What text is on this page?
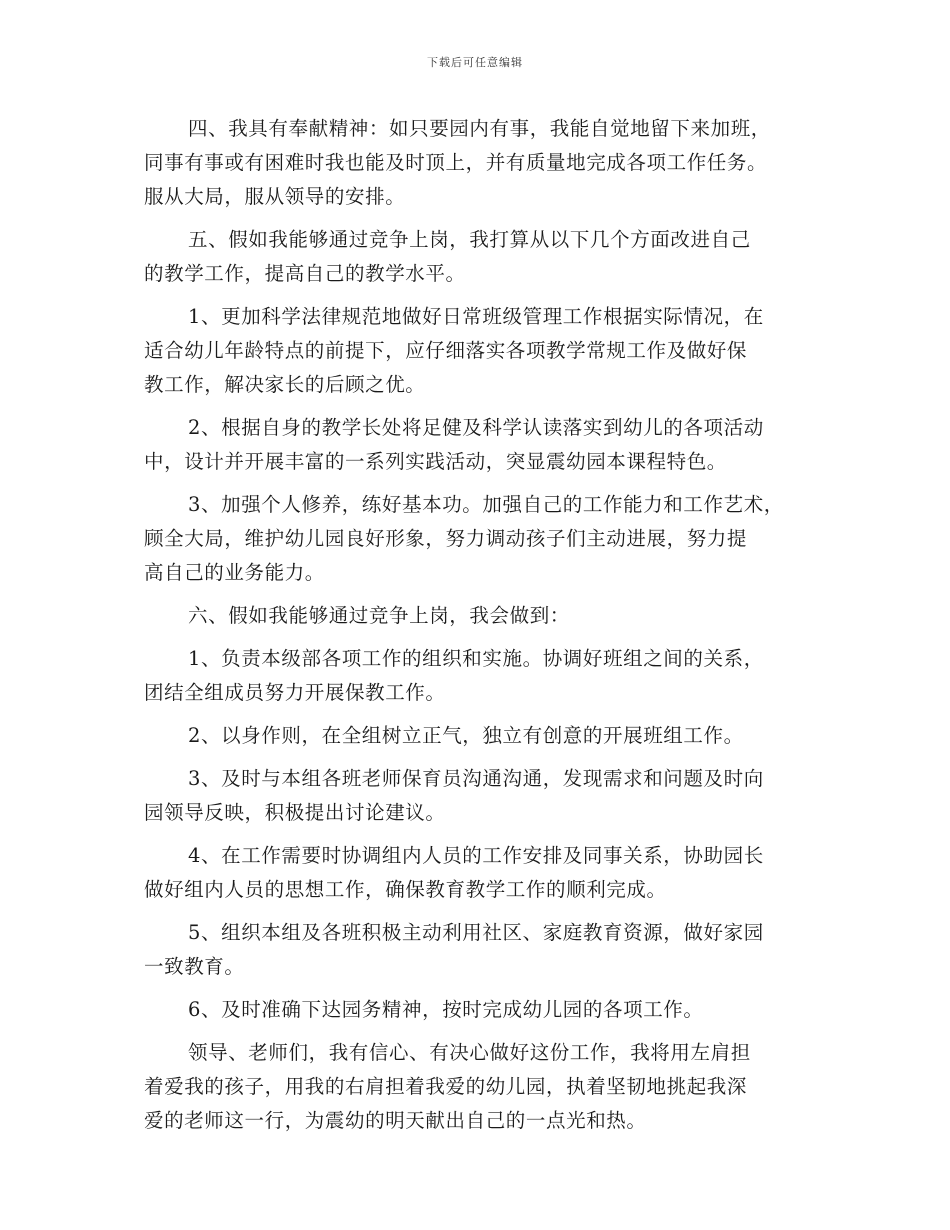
下载后可任意编辑
四、我具有奉献精神：如只要园内有事，我能自觉地留下来加班，
同事有事或有困难时我也能及时顶上，并有质量地完成各项工作任务。
服从大局，服从领导的安排。
五、假如我能够通过竞争上岗，我打算从以下几个方面改进自己
的教学工作，提高自己的教学水平。
1、更加科学法律规范地做好日常班级管理工作根据实际情况，在
适合幼儿年龄特点的前提下，应仔细落实各项教学常规工作及做好保
教工作，解决家长的后顾之优。
2、根据自身的教学长处将足健及科学认读落实到幼儿的各项活动
中，设计并开展丰富的一系列实践活动，突显震幼园本课程特色。
3、加强个人修养，练好基本功。加强自己的工作能力和工作艺术，
顾全大局，维护幼儿园良好形象，努力调动孩子们主动进展，努力提
高自己的业务能力。
六、假如我能够通过竞争上岗，我会做到：
1、负责本级部各项工作的组织和实施。协调好班组之间的关系，
团结全组成员努力开展保教工作。
2、以身作则，在全组树立正气，独立有创意的开展班组工作。
3、及时与本组各班老师保育员沟通沟通，发现需求和问题及时向
园领导反映，积极提出讨论建议。
4、在工作需要时协调组内人员的工作安排及同事关系，协助园长
做好组内人员的思想工作，确保教育教学工作的顺利完成。
5、组织本组及各班积极主动利用社区、家庭教育资源，做好家园
一致教育。
6、及时准确下达园务精神，按时完成幼儿园的各项工作。
领导、老师们，我有信心、有决心做好这份工作，我将用左肩担
着爱我的孩子，用我的右肩担着我爱的幼儿园，执着坚韧地挑起我深
爱的老师这一行，为震幼的明天献出自己的一点光和热。
